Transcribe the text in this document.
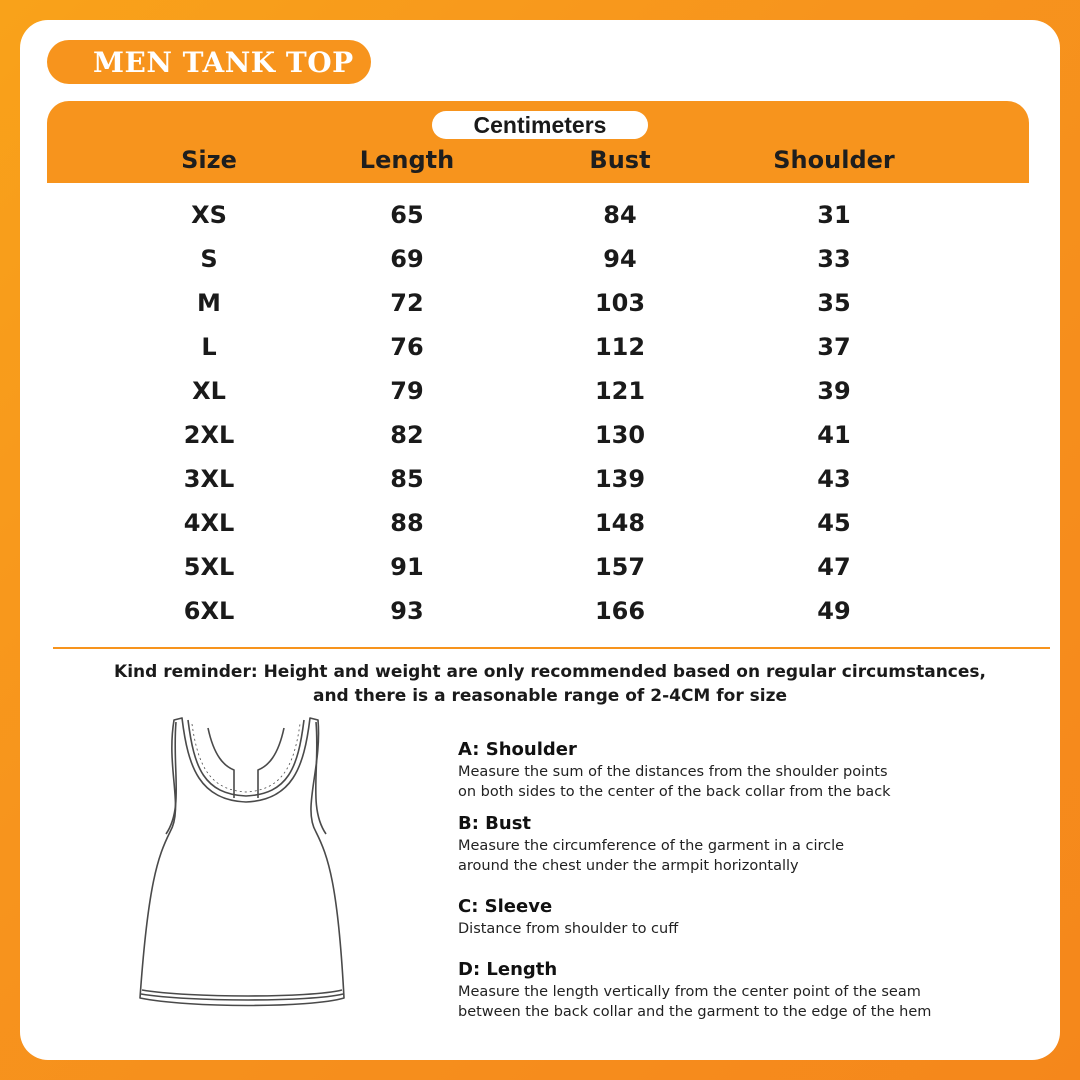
MEN TANK TOP
Centimeters
Size	Length	Bust	Shoulder
XS	65	84	31
S	69	94	33
M	72	103	35
L	76	112	37
XL	79	121	39
2XL	82	130	41
3XL	85	139	43
4XL	88	148	45
5XL	91	157	47
6XL	93	166	49
Kind reminder: Height and weight are only recommended based on regular circumstances,
and there is a reasonable range of 2-4CM for size
A: Shoulder
Measure the sum of the distances from the shoulder points
on both sides to the center of the back collar from the back
B: Bust
Measure the circumference of the garment in a circle
around the chest under the armpit horizontally
C: Sleeve
Distance from shoulder to cuff
D: Length
Measure the length vertically from the center point of the seam
between the back collar and the garment to the edge of the hem
